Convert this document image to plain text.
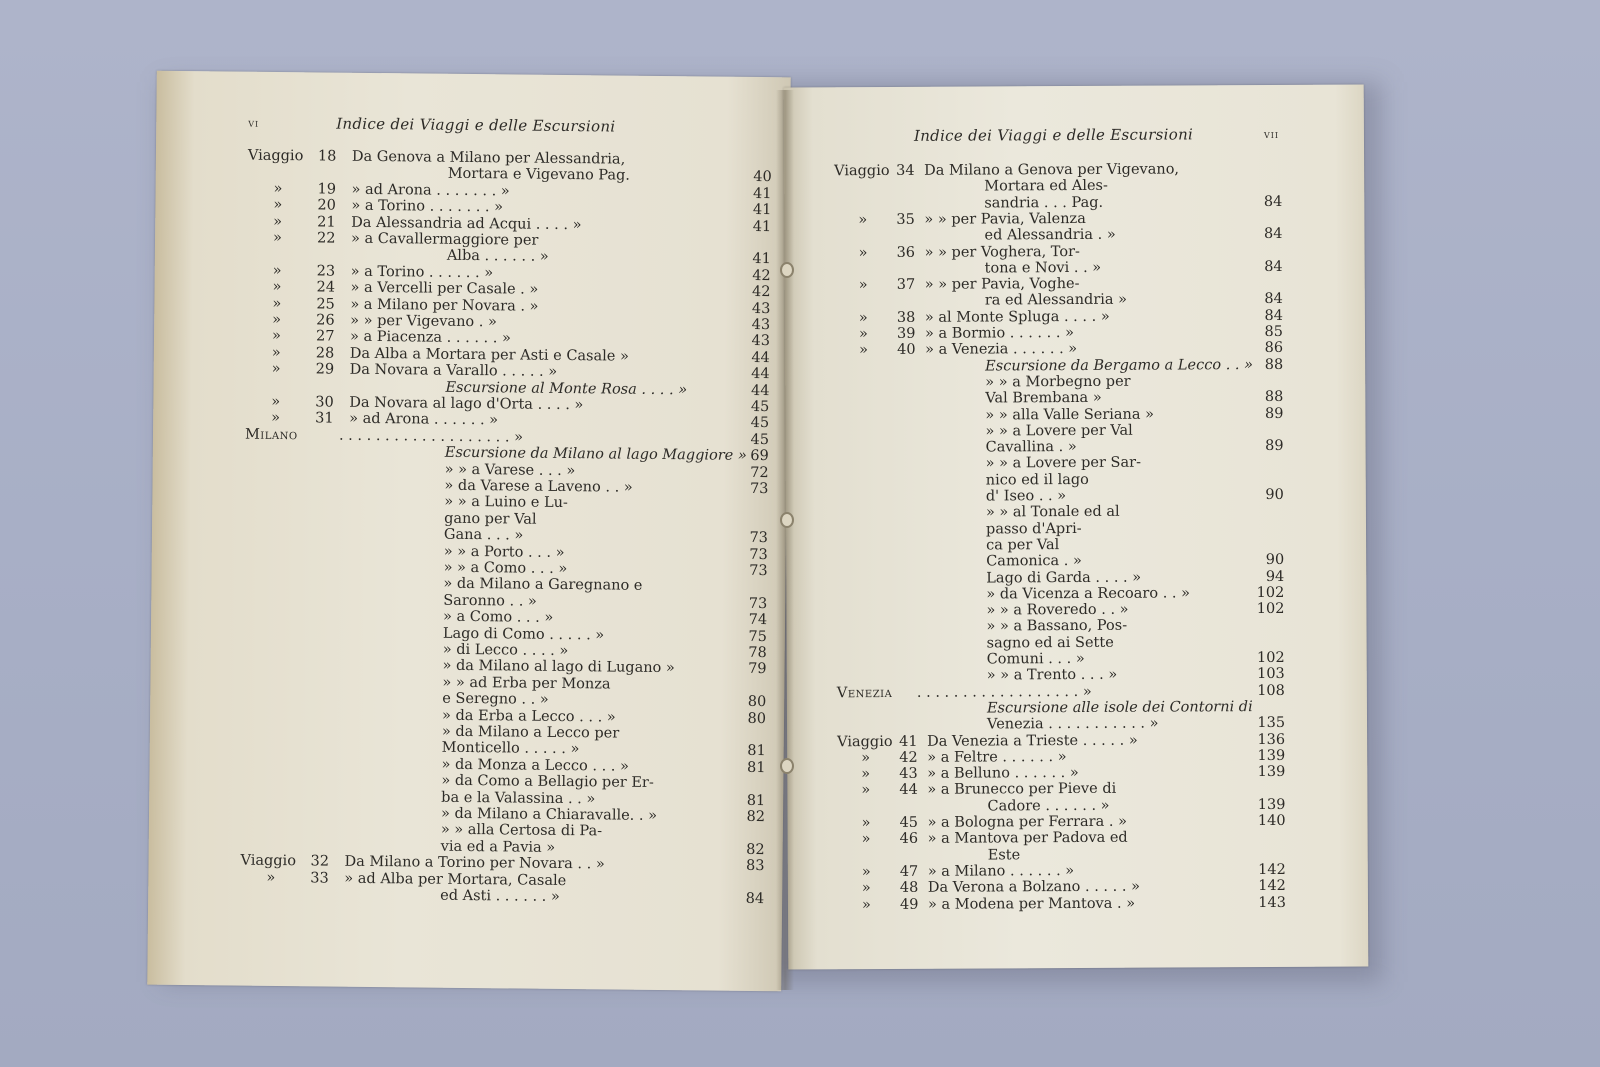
vi	Indice dei Viaggi e delle Escursioni
Viaggio 18 Da Genova a Milano per Alessandria,
Mortara e Vigevano Pag.	40
» 19 » ad Arona . . . . . . . »	41
» 20 » a Torino . . . . . . . »	41
» 21 Da Alessandria ad Acqui . . . . »	41
» 22 » a Cavallermaggiore per
Alba . . . . . . »	41
» 23 » a Torino . . . . . . »	42
» 24 » a Vercelli per Casale . »	42
» 25 » a Milano per Novara . »	43
» 26 » » per Vigevano . »	43
» 27 » a Piacenza . . . . . . »	43
» 28 Da Alba a Mortara per Asti e Casale »	44
» 29 Da Novara a Varallo . . . . . »	44
Escursione al Monte Rosa . . . . »	44
» 30 Da Novara al lago d'Orta . . . . »	45
» 31 » ad Arona . . . . . . »	45
Milano	. . . . . . . . . . . . . . . . . . . »	45
Escursione da Milano al lago Maggiore » 69
» » a Varese . . . »	72
» da Varese a Laveno . . »	73
» » a Luino e Lu-
gano per Val
Gana . . . »	73
» » a Porto . . . »	73
» » a Como . . . »	73
» da Milano a Garegnano e
Saronno . . »	73
» a Como . . . »	74
Lago di Como . . . . . »	75
» di Lecco . . . . »	78
» da Milano al lago di Lugano »	79
» » ad Erba per Monza
e Seregno . . »	80
» da Erba a Lecco . . . »	80
» da Milano a Lecco per
Monticello . . . . . »	81
» da Monza a Lecco . . . »	81
» da Como a Bellagio per Er-
ba e la Valassina . . »	81
» da Milano a Chiaravalle. . »	82
» » alla Certosa di Pa-
via ed a Pavia »	82
Viaggio 32 Da Milano a Torino per Novara . . »	83
» 33 » ad Alba per Mortara, Casale
ed Asti . . . . . . »	84
Indice dei Viaggi e delle Escursioni	vii
Viaggio 34 Da Milano a Genova per Vigevano,
Mortara ed Ales-
sandria . . . Pag.	84
» 35 » » per Pavia, Valenza
ed Alessandria . »	84
» 36 » » per Voghera, Tor-
tona e Novi . . »	84
» 37 » » per Pavia, Voghe-
ra ed Alessandria »	84
» 38 » al Monte Spluga . . . . »	84
» 39 » a Bormio . . . . . . »	85
» 40 » a Venezia . . . . . . »	86
Escursione da Bergamo a Lecco . . » 88
» » a Morbegno per
Val Brembana »	88
» » alla Valle Seriana »	89
» » a Lovere per Val
Cavallina . »	89
» » a Lovere per Sar-
nico ed il lago
d' Iseo . . »	90
» » al Tonale ed al
passo d'Apri-
ca per Val
Camonica . »	90
Lago di Garda . . . . »	94
» da Vicenza a Recoaro . . »	102
» » a Roveredo . . »	102
» » a Bassano, Pos-
sagno ed ai Sette
Comuni . . . »	102
» » a Trento . . . »	103
Venezia . . . . . . . . . . . . . . . . . . »	108
Escursione alle isole dei Contorni di
Venezia . . . . . . . . . . . »	135
Viaggio 41 Da Venezia a Trieste . . . . . »	136
» 42 » a Feltre . . . . . . »	139
» 43 » a Belluno . . . . . . »	139
» 44 » a Brunecco per Pieve di
Cadore . . . . . . »	139
» 45 » a Bologna per Ferrara . »	140
» 46 » a Mantova per Padova ed
Este
» 47 » a Milano . . . . . . »	142
» 48 Da Verona a Bolzano . . . . . »	142
» 49 » a Modena per Mantova . »	143
